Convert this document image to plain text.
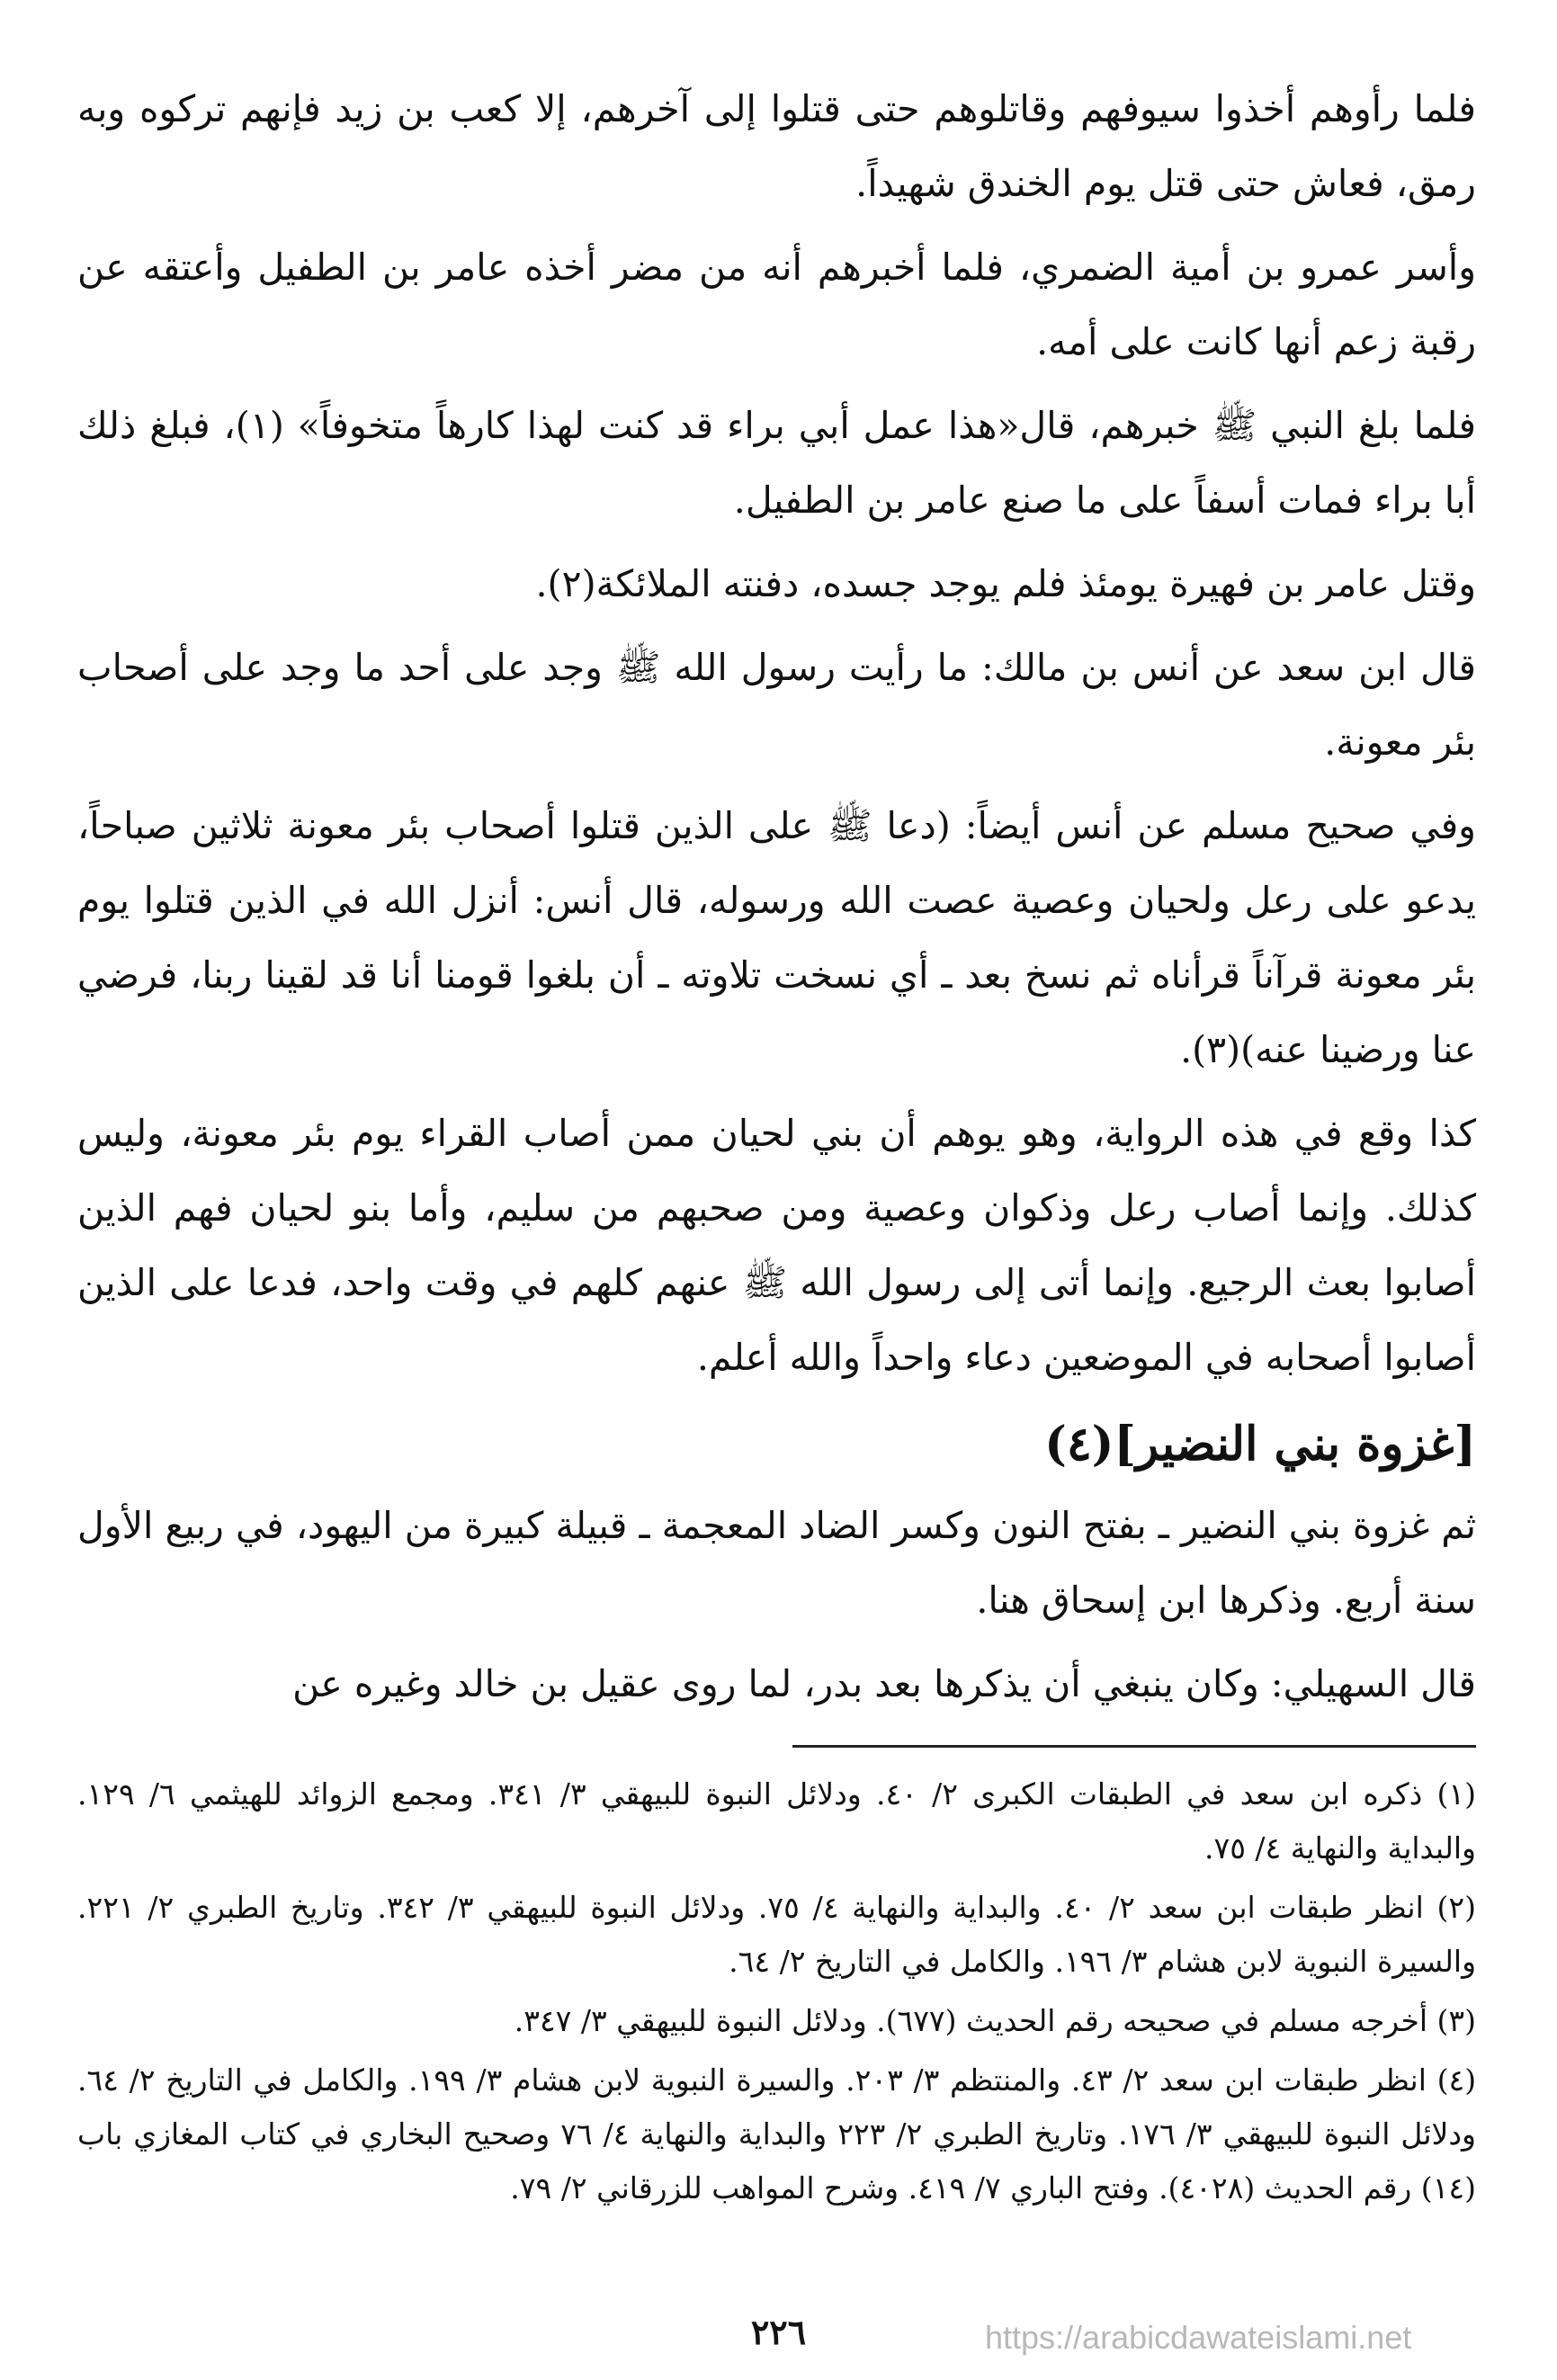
فلما رأوهم أخذوا سيوفهم وقاتلوهم حتى قتلوا إلى آخرهم، إلا كعب بن زيد فإنهم تركوه وبه رمق، فعاش حتى قتل يوم الخندق شهيداً.

وأسر عمرو بن أمية الضمري، فلما أخبرهم أنه من مضر أخذه عامر بن الطفيل وأعتقه عن رقبة زعم أنها كانت على أمه.

فلما بلغ النبي ﷺ خبرهم، قال«هذا عمل أبي براء قد كنت لهذا كارهاً متخوفاً» (١)، فبلغ ذلك أبا براء فمات أسفاً على ما صنع عامر بن الطفيل.

وقتل عامر بن فهيرة يومئذ فلم يوجد جسده، دفنته الملائكة(٢).

قال ابن سعد عن أنس بن مالك: ما رأيت رسول الله ﷺ وجد على أحد ما وجد على أصحاب بئر معونة.

وفي صحيح مسلم عن أنس أيضاً: (دعا ﷺ على الذين قتلوا أصحاب بئر معونة ثلاثين صباحاً، يدعو على رعل ولحيان وعصية عصت الله ورسوله، قال أنس: أنزل الله في الذين قتلوا يوم بئر معونة قرآناً قرأناه ثم نسخ بعد ـ أي نسخت تلاوته ـ أن بلغوا قومنا أنا قد لقينا ربنا، فرضي عنا ورضينا عنه)(٣).

كذا وقع في هذه الرواية، وهو يوهم أن بني لحيان ممن أصاب القراء يوم بئر معونة، وليس كذلك. وإنما أصاب رعل وذكوان وعصية ومن صحبهم من سليم، وأما بنو لحيان فهم الذين أصابوا بعث الرجيع. وإنما أتى إلى رسول الله ﷺ عنهم كلهم في وقت واحد، فدعا على الذين أصابوا أصحابه في الموضعين دعاء واحداً والله أعلم.

[غزوة بني النضير](٤)

ثم غزوة بني النضير ـ بفتح النون وكسر الضاد المعجمة ـ قبيلة كبيرة من اليهود، في ربيع الأول سنة أربع. وذكرها ابن إسحاق هنا.

قال السهيلي: وكان ينبغي أن يذكرها بعد بدر، لما روى عقيل بن خالد وغيره عن

(١) ذكره ابن سعد في الطبقات الكبرى ٢/ ٤٠. ودلائل النبوة للبيهقي ٣/ ٣٤١. ومجمع الزوائد للهيثمي ٦/ ١٢٩. والبداية والنهاية ٤/ ٧٥.

(٢) انظر طبقات ابن سعد ٢/ ٤٠. والبداية والنهاية ٤/ ٧٥. ودلائل النبوة للبيهقي ٣/ ٣٤٢. وتاريخ الطبري ٢/ ٢٢١. والسيرة النبوية لابن هشام ٣/ ١٩٦. والكامل في التاريخ ٢/ ٦٤.

(٣) أخرجه مسلم في صحيحه رقم الحديث (٦٧٧). ودلائل النبوة للبيهقي ٣/ ٣٤٧.

(٤) انظر طبقات ابن سعد ٢/ ٤٣. والمنتظم ٣/ ٢٠٣. والسيرة النبوية لابن هشام ٣/ ١٩٩. والكامل في التاريخ ٢/ ٦٤. ودلائل النبوة للبيهقي ٣/ ١٧٦. وتاريخ الطبري ٢/ ٢٢٣ والبداية والنهاية ٤/ ٧٦ وصحيح البخاري في كتاب المغازي باب (١٤) رقم الحديث (٤٠٢٨). وفتح الباري ٧/ ٤١٩. وشرح المواهب للزرقاني ٢/ ٧٩.

٢٢٦	https://arabicdawateislami.net
